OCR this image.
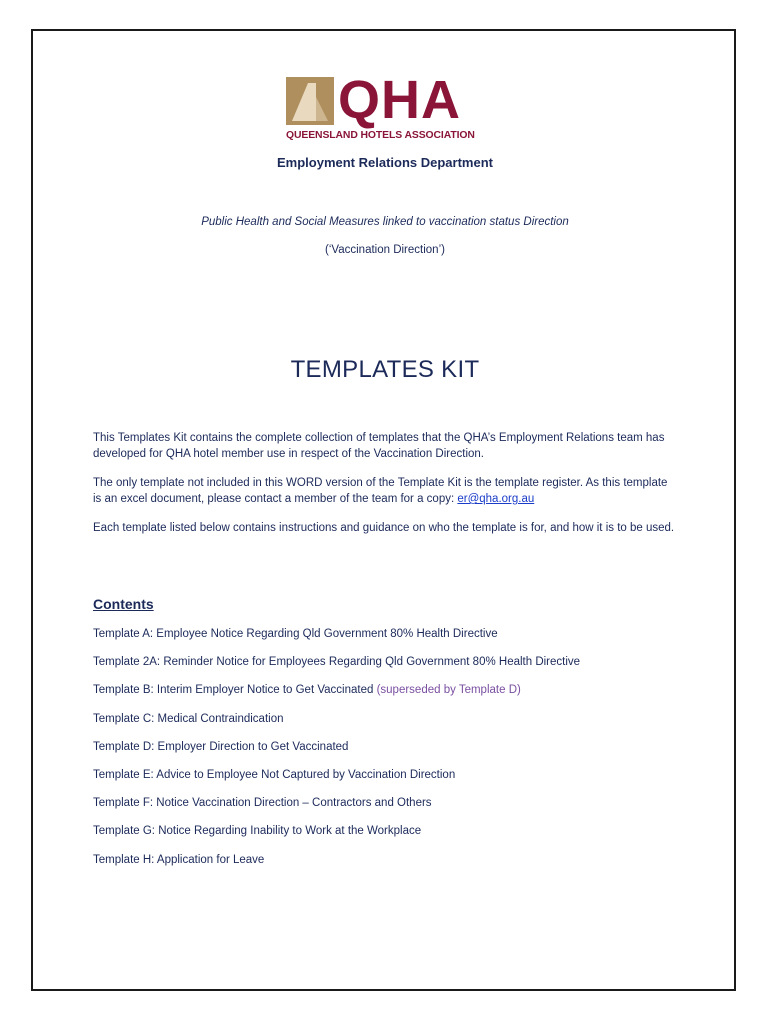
QHA
QUEENSLAND HOTELS ASSOCIATION
Employment Relations Department
Public Health and Social Measures linked to vaccination status Direction
(‘Vaccination Direction’)
TEMPLATES KIT

This Templates Kit contains the complete collection of templates that the QHA’s Employment Relations team has developed for QHA hotel member use in respect of the Vaccination Direction.

The only template not included in this WORD version of the Template Kit is the template register. As this template is an excel document, please contact a member of the team for a copy: er@qha.org.au

Each template listed below contains instructions and guidance on who the template is for, and how it is to be used.

Contents
Template A: Employee Notice Regarding Qld Government 80% Health Directive
Template 2A: Reminder Notice for Employees Regarding Qld Government 80% Health Directive
Template B: Interim Employer Notice to Get Vaccinated (superseded by Template D)
Template C: Medical Contraindication
Template D: Employer Direction to Get Vaccinated
Template E: Advice to Employee Not Captured by Vaccination Direction
Template F: Notice Vaccination Direction – Contractors and Others
Template G: Notice Regarding Inability to Work at the Workplace
Template H: Application for Leave
